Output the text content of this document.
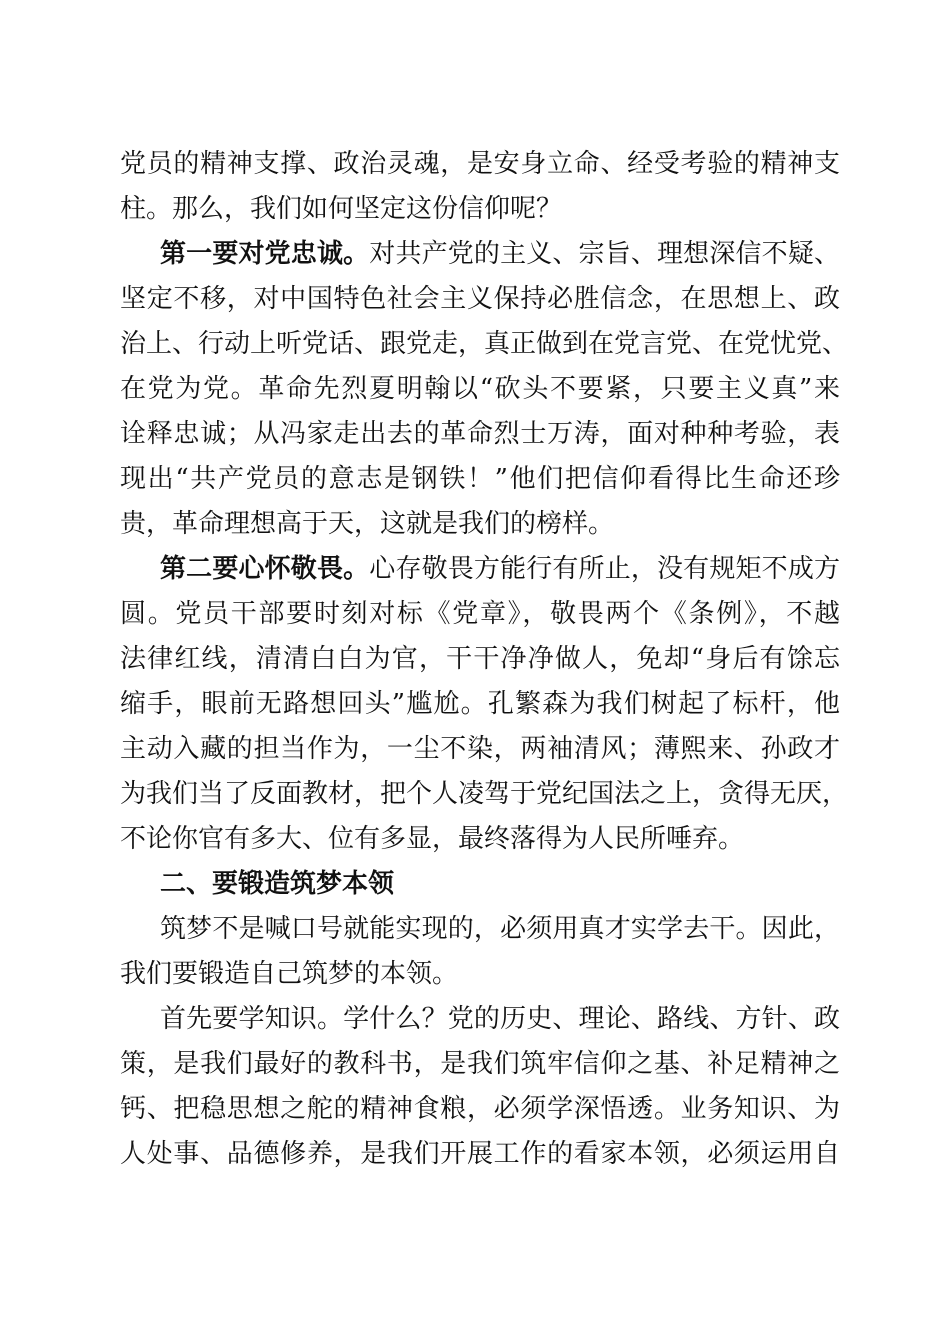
党员的精神支撑、政治灵魂，是安身立命、经受考验的精神支
柱。那么，我们如何坚定这份信仰呢？
第一要对党忠诚。对共产党的主义、宗旨、理想深信不疑、
坚定不移，对中国特色社会主义保持必胜信念，在思想上、政
治上、行动上听党话、跟党走，真正做到在党言党、在党忧党、
在党为党。革命先烈夏明翰以“砍头不要紧，只要主义真”来
诠释忠诚；从冯家走出去的革命烈士万涛，面对种种考验，表
现出“共产党员的意志是钢铁！”他们把信仰看得比生命还珍
贵，革命理想高于天，这就是我们的榜样。
第二要心怀敬畏。心存敬畏方能行有所止，没有规矩不成方
圆。党员干部要时刻对标《党章》，敬畏两个《条例》，不越
法律红线，清清白白为官，干干净净做人，免却“身后有馀忘
缩手，眼前无路想回头”尴尬。孔繁森为我们树起了标杆，他
主动入藏的担当作为，一尘不染，两袖清风；薄熙来、孙政才
为我们当了反面教材，把个人凌驾于党纪国法之上，贪得无厌，
不论你官有多大、位有多显，最终落得为人民所唾弃。
二、要锻造筑梦本领
筑梦不是喊口号就能实现的，必须用真才实学去干。因此，
我们要锻造自己筑梦的本领。
首先要学知识。学什么？党的历史、理论、路线、方针、政
策，是我们最好的教科书，是我们筑牢信仰之基、补足精神之
钙、把稳思想之舵的精神食粮，必须学深悟透。业务知识、为
人处事、品德修养，是我们开展工作的看家本领，必须运用自
